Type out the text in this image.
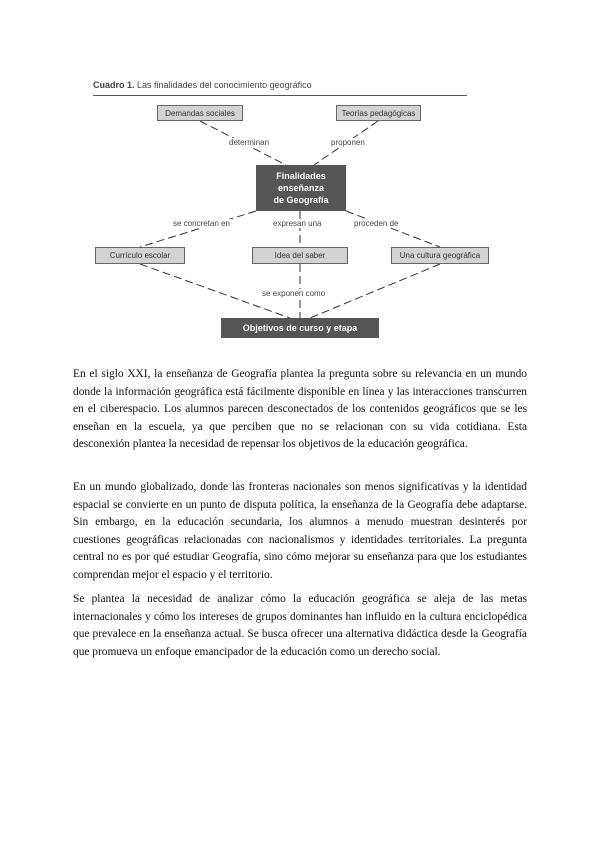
Cuadro 1. Las finalidades del conocimiento geográfico
Demandas sociales	Teorías pedagógicas
determinan	proponen
Finalidades
enseñanza
de Geografía
se concretan en	expresan una	proceden de
Currículo escolar	Idea del saber	Una cultura geográfica
se exponen como
Objetivos de curso y etapa

En el siglo XXI, la enseñanza de Geografía plantea la pregunta sobre su relevancia en un mundo donde la información geográfica está fácilmente disponible en línea y las interacciones transcurren en el ciberespacio. Los alumnos parecen desconectados de los contenidos geográficos que se les enseñan en la escuela, ya que perciben que no se relacionan con su vida cotidiana. Esta desconexión plantea la necesidad de repensar los objetivos de la educación geográfica.

En un mundo globalizado, donde las fronteras nacionales son menos significativas y la identidad espacial se convierte en un punto de disputa política, la enseñanza de la Geografía debe adaptarse. Sin embargo, en la educación secundaria, los alumnos a menudo muestran desinterés por cuestiones geográficas relacionadas con nacionalismos y identidades territoriales. La pregunta central no es por qué estudiar Geografía, sino cómo mejorar su enseñanza para que los estudiantes comprendan mejor el espacio y el territorio.

Se plantea la necesidad de analizar cómo la educación geográfica se aleja de las metas internacionales y cómo los intereses de grupos dominantes han influido en la cultura enciclopédica que prevalece en la enseñanza actual. Se busca ofrecer una alternativa didáctica desde la Geografía que promueva un enfoque emancipador de la educación como un derecho social.
